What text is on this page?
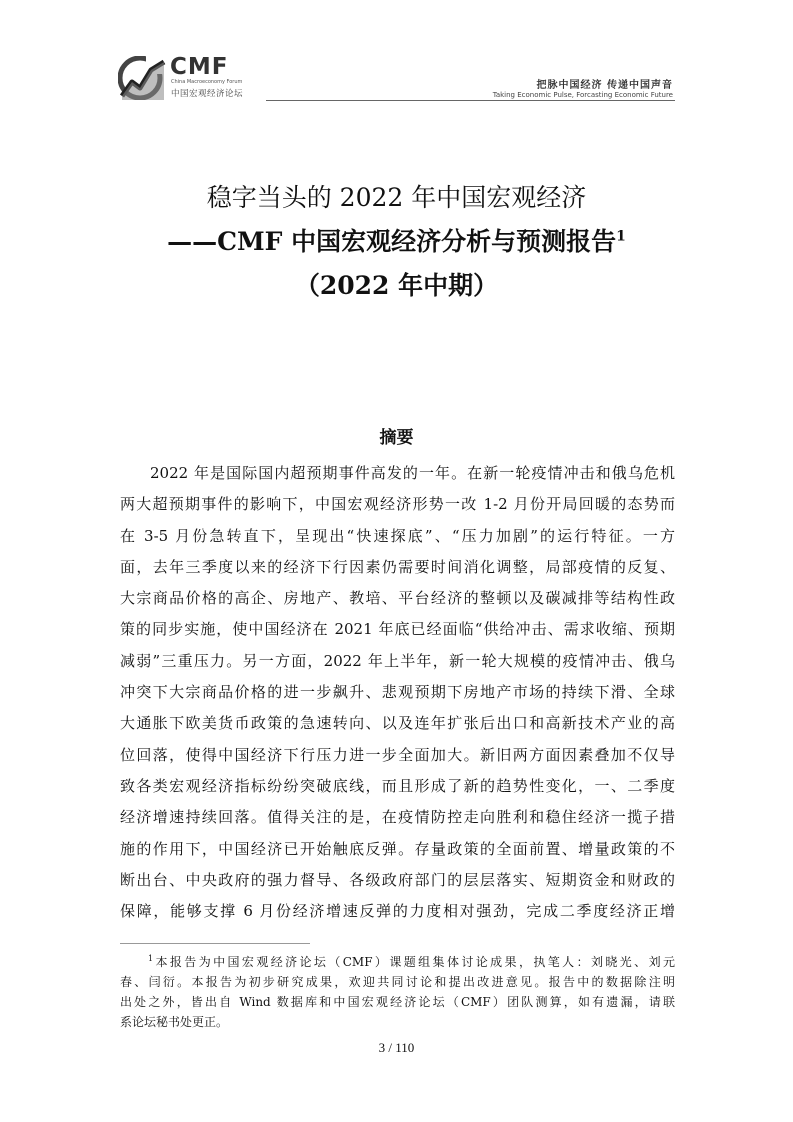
CMF
China Macroeconomy Forum
中国宏观经济论坛
把脉中国经济 传递中国声音
Taking Economic Pulse, Forcasting Economic Future
稳字当头的 2022 年中国宏观经济
——CMF 中国宏观经济分析与预测报告$^1$
（2022 年中期）
摘要
2022 年是国际国内超预期事件高发的一年。在新一轮疫情冲击和俄乌危机
两大超预期事件的影响下，中国宏观经济形势一改 1-2 月份开局回暖的态势而
在 3-5 月份急转直下，呈现出“快速探底”、“压力加剧”的运行特征。一方
面，去年三季度以来的经济下行因素仍需要时间消化调整，局部疫情的反复、
大宗商品价格的高企、房地产、教培、平台经济的整顿以及碳减排等结构性政
策的同步实施，使中国经济在 2021 年底已经面临“供给冲击、需求收缩、预期
减弱”三重压力。另一方面，2022 年上半年，新一轮大规模的疫情冲击、俄乌
冲突下大宗商品价格的进一步飙升、悲观预期下房地产市场的持续下滑、全球
大通胀下欧美货币政策的急速转向、以及连年扩张后出口和高新技术产业的高
位回落，使得中国经济下行压力进一步全面加大。新旧两方面因素叠加不仅导
致各类宏观经济指标纷纷突破底线，而且形成了新的趋势性变化，一、二季度
经济增速持续回落。值得关注的是，在疫情防控走向胜利和稳住经济一揽子措
施的作用下，中国经济已开始触底反弹。存量政策的全面前置、增量政策的不
断出台、中央政府的强力督导、各级政府部门的层层落实、短期资金和财政的
保障，能够支撑 6 月份经济增速反弹的力度相对强劲，完成二季度经济正增
$^1$本报告为中国宏观经济论坛（CMF）课题组集体讨论成果，执笔人：刘晓光、刘元
春、闫衍。本报告为初步研究成果，欢迎共同讨论和提出改进意见。报告中的数据除注明
出处之外，皆出自 Wind 数据库和中国宏观经济论坛（CMF）团队测算，如有遗漏，请联
系论坛秘书处更正。
3 / 110
